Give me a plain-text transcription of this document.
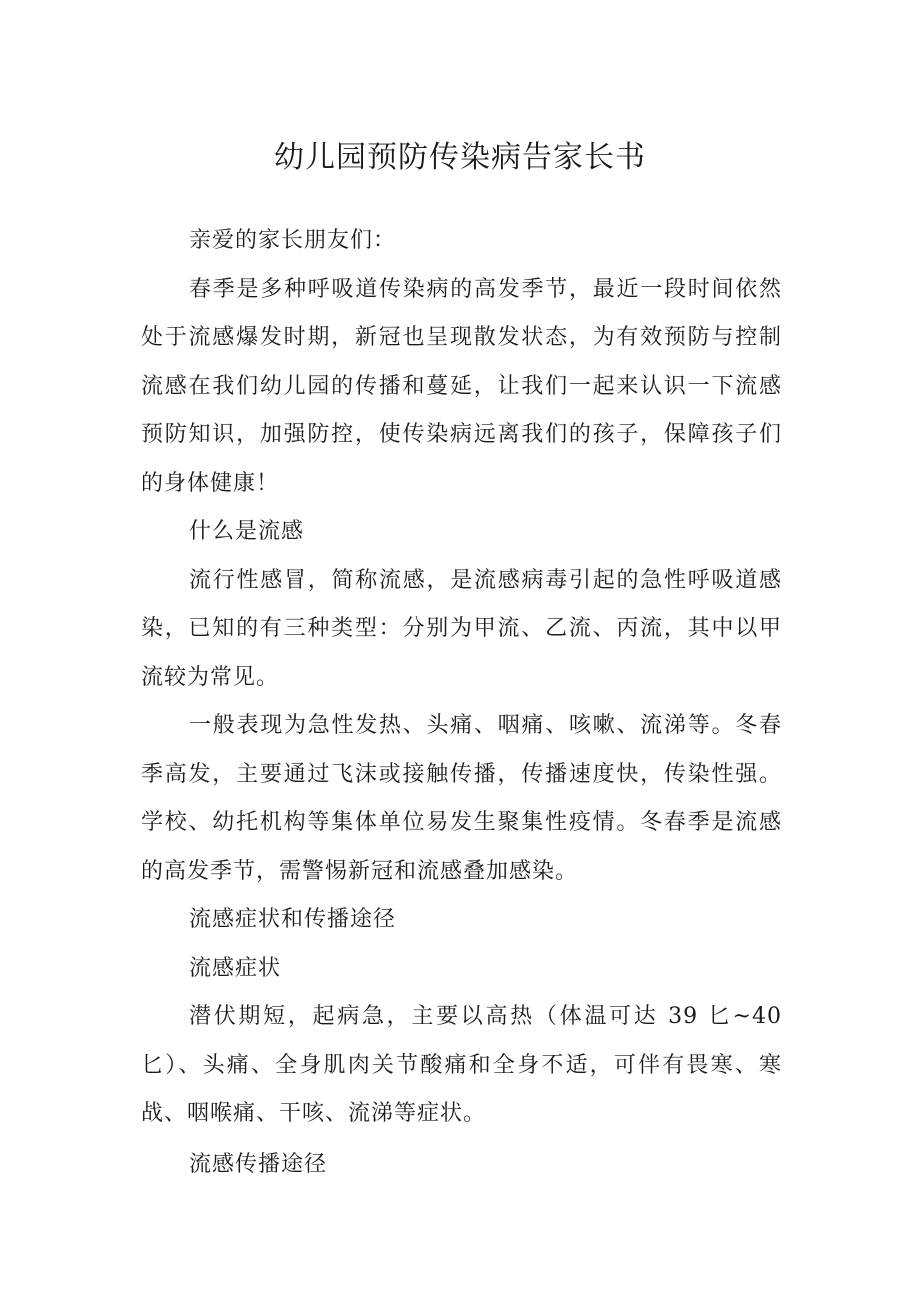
幼儿园预防传染病告家长书

亲爱的家长朋友们：

春季是多种呼吸道传染病的高发季节，最近一段时间依然处于流感爆发时期，新冠也呈现散发状态，为有效预防与控制流感在我们幼儿园的传播和蔓延，让我们一起来认识一下流感预防知识，加强防控，使传染病远离我们的孩子，保障孩子们的身体健康！

什么是流感

流行性感冒，简称流感，是流感病毒引起的急性呼吸道感染，已知的有三种类型：分别为甲流、乙流、丙流，其中以甲流较为常见。

一般表现为急性发热、头痛、咽痛、咳嗽、流涕等。冬春季高发，主要通过飞沫或接触传播，传播速度快，传染性强。学校、幼托机构等集体单位易发生聚集性疫情。冬春季是流感的高发季节，需警惕新冠和流感叠加感染。

流感症状和传播途径

流感症状

潜伏期短，起病急，主要以高热（体温可达 39 匕~40 匕）、头痛、全身肌肉关节酸痛和全身不适，可伴有畏寒、寒战、咽喉痛、干咳、流涕等症状。

流感传播途径
